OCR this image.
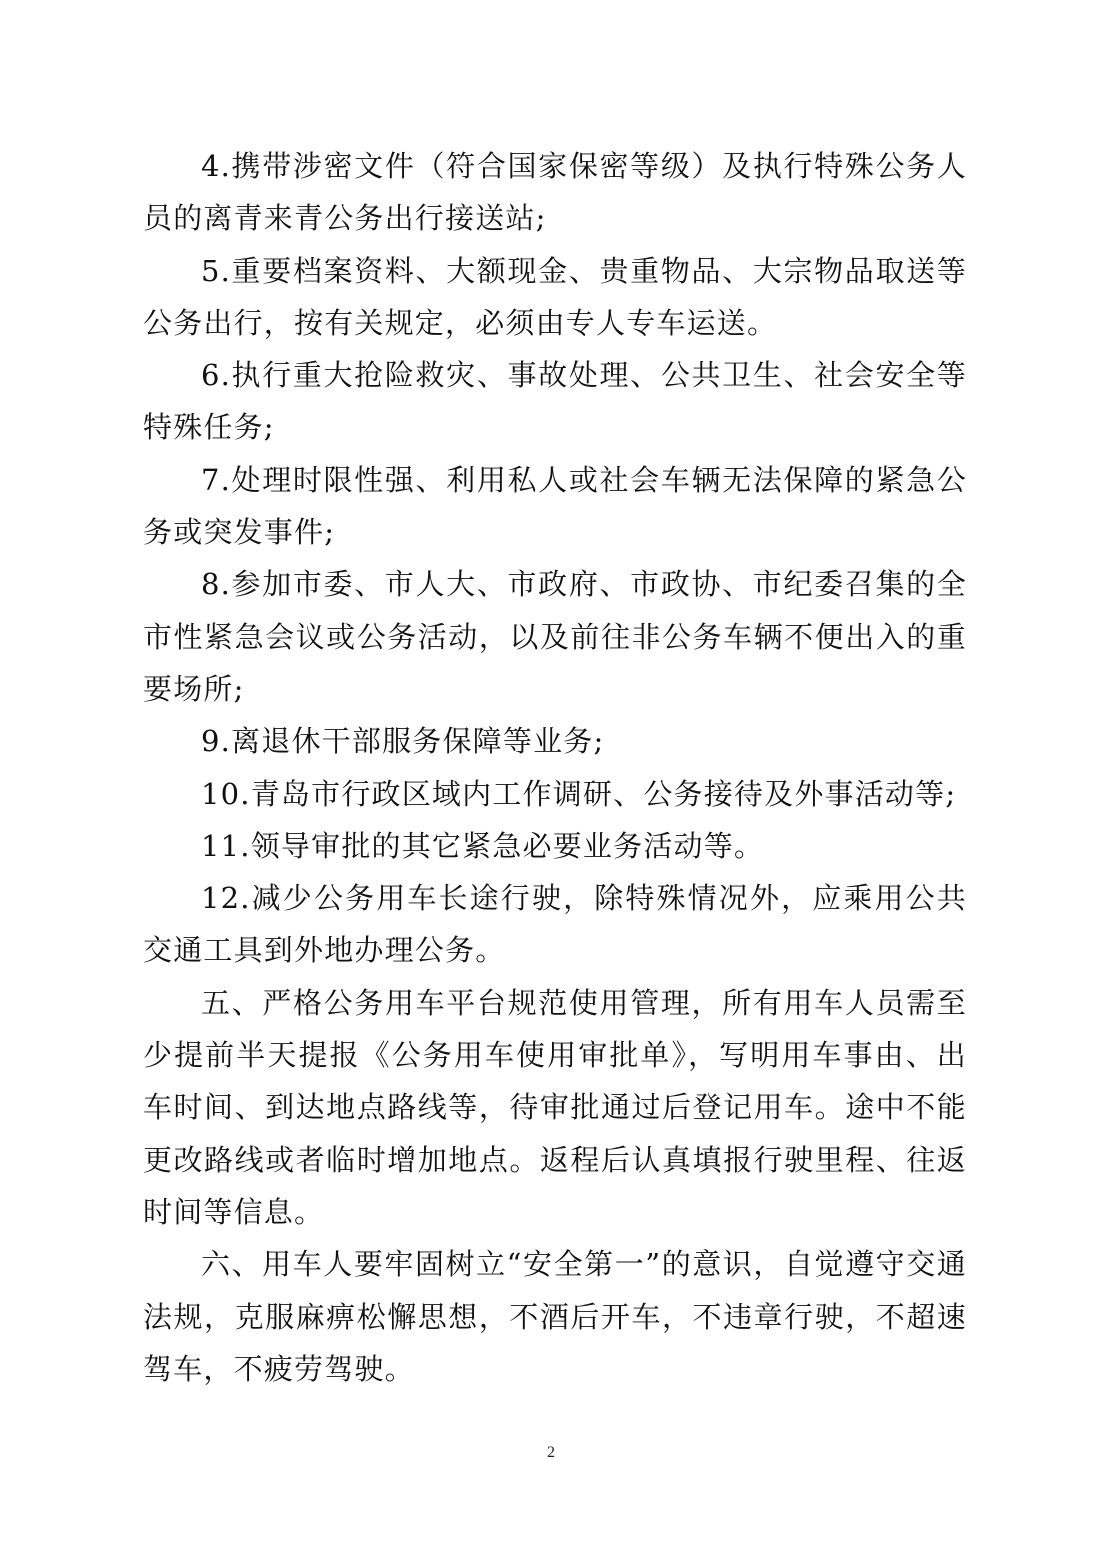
4.携带涉密文件（符合国家保密等级）及执行特殊公务人员的离青来青公务出行接送站;

5.重要档案资料、大额现金、贵重物品、大宗物品取送等公务出行，按有关规定，必须由专人专车运送。

6.执行重大抢险救灾、事故处理、公共卫生、社会安全等特殊任务;

7.处理时限性强、利用私人或社会车辆无法保障的紧急公务或突发事件;

8.参加市委、市人大、市政府、市政协、市纪委召集的全市性紧急会议或公务活动，以及前往非公务车辆不便出入的重要场所;

9.离退休干部服务保障等业务;

10.青岛市行政区域内工作调研、公务接待及外事活动等;

11.领导审批的其它紧急必要业务活动等。

12.减少公务用车长途行驶，除特殊情况外，应乘用公共交通工具到外地办理公务。

五、严格公务用车平台规范使用管理，所有用车人员需至少提前半天提报《公务用车使用审批单》，写明用车事由、出车时间、到达地点路线等，待审批通过后登记用车。途中不能更改路线或者临时增加地点。返程后认真填报行驶里程、往返时间等信息。

六、用车人要牢固树立“安全第一”的意识，自觉遵守交通法规，克服麻痹松懈思想，不酒后开车，不违章行驶，不超速驾车，不疲劳驾驶。

2
